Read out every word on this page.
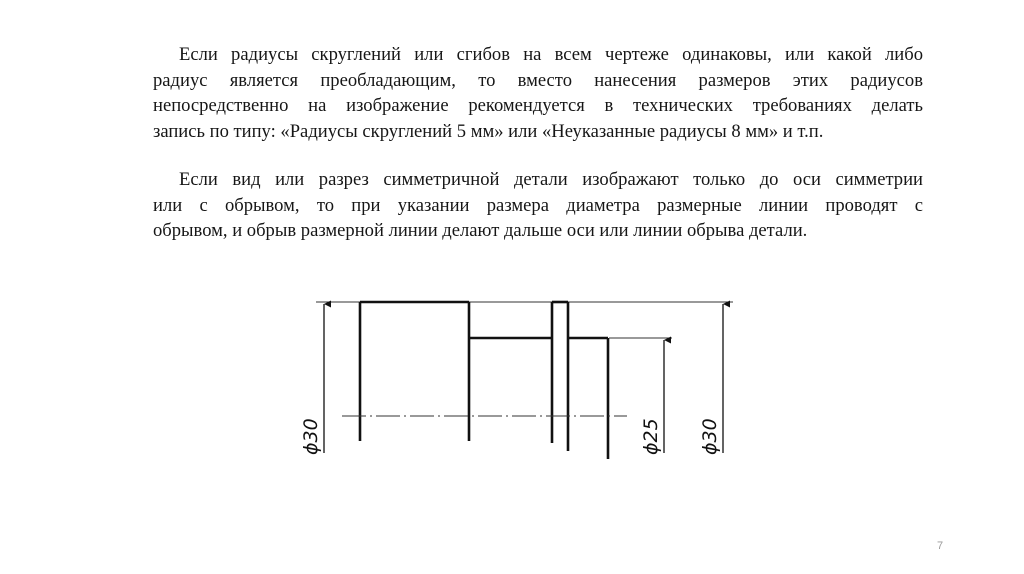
Если радиусы скруглений или сгибов на всем чертеже одинаковы, или какой либо
радиус является преобладающим, то вместо нанесения размеров этих радиусов
непосредственно на изображение рекомендуется в технических требованиях делать
запись по типу: «Радиусы скруглений 5 мм» или «Неуказанные радиусы 8 мм» и т.п.

Если вид или разрез симметричной детали изображают только до оси симметрии
или с обрывом, то при указании размера диаметра размерные линии проводят с
обрывом, и обрыв размерной линии делают дальше оси или линии обрыва детали.

ϕ30	ϕ25 ϕ30
7
